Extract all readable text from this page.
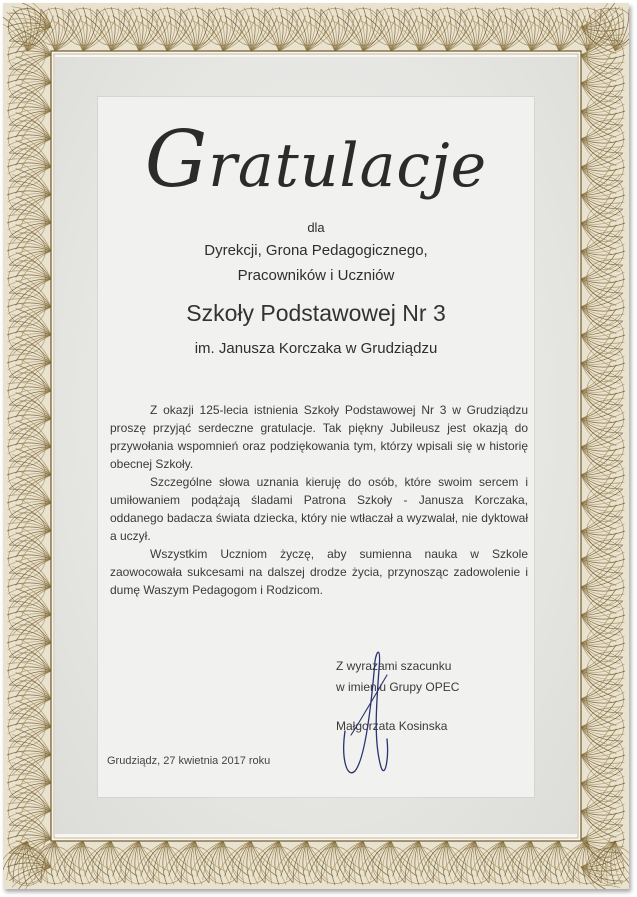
Gratulacje
dla
Dyrekcji, Grona Pedagogicznego,
Pracowników i Uczniów
Szkoły Podstawowej Nr 3
im. Janusza Korczaka w Grudziądzu

Z okazji 125-lecia istnienia Szkoły Podstawowej Nr 3 w Grudziądzu proszę przyjąć serdeczne gratulacje. Tak piękny Jubileusz jest okazją do przywołania wspomnień oraz podziękowania tym, którzy wpisali się w historię obecnej Szkoły.

Szczególne słowa uznania kieruję do osób, które swoim sercem i umiłowaniem podążają śladami Patrona Szkoły - Janusza Korczaka, oddanego badacza świata dziecka, który nie wtłaczał a wyzwalał, nie dyktował a uczył.

Wszystkim Uczniom życzę, aby sumienna nauka w Szkole zaowocowała sukcesami na dalszej drodze życia, przynosząc zadowolenie i dumę Waszym Pedagogom i Rodzicom.

Z wyrazami szacunku
w imieniu Grupy OPEC
Małgorzata Kosinska
Grudziądz, 27 kwietnia 2017 roku
